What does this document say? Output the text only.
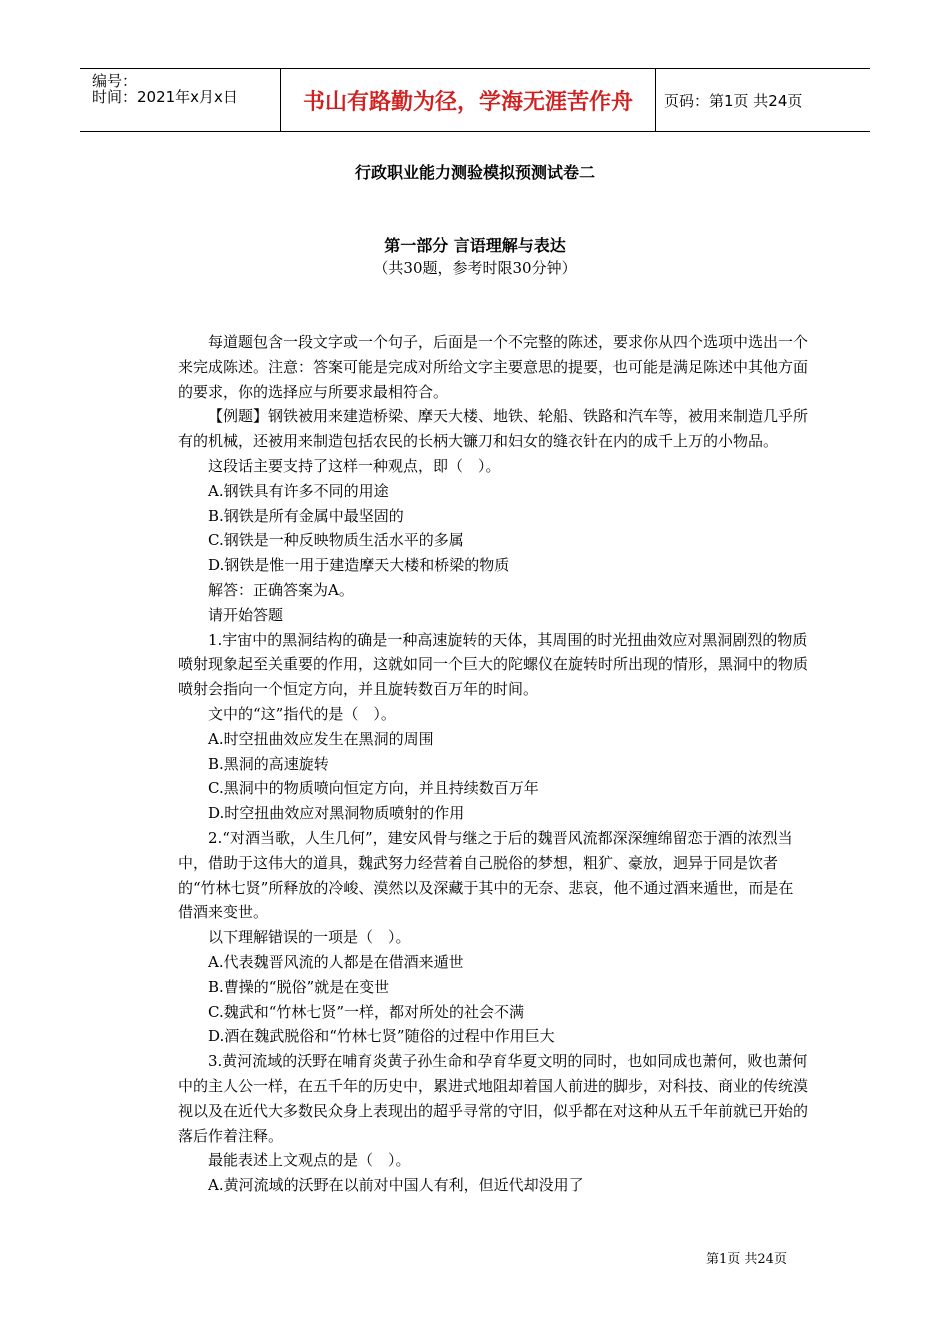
编号：
时间：2021年x月x日	书山有路勤为径，学海无涯苦作舟 页码：第1页 共24页
行政职业能力测验模拟预测试卷二
第一部分 言语理解与表达
（共30题，参考时限30分钟）

每道题包含一段文字或一个句子，后面是一个不完整的陈述，要求你从四个选项中选出一个来完成陈述。注意：答案可能是完成对所给文字主要意思的提要，也可能是满足陈述中其他方面的要求，你的选择应与所要求最相符合。

【例题】钢铁被用来建造桥梁、摩天大楼、地铁、轮船、铁路和汽车等，被用来制造几乎所有的机械，还被用来制造包括农民的长柄大镰刀和妇女的缝衣针在内的成千上万的小物品。

这段话主要支持了这样一种观点，即（　）。

A.钢铁具有许多不同的用途

B.钢铁是所有金属中最坚固的

C.钢铁是一种反映物质生活水平的多属

D.钢铁是惟一用于建造摩天大楼和桥梁的物质

解答：正确答案为A。

请开始答题

1.宇宙中的黑洞结构的确是一种高速旋转的天体，其周围的时光扭曲效应对黑洞剧烈的物质喷射现象起至关重要的作用，这就如同一个巨大的陀螺仪在旋转时所出现的情形，黑洞中的物质喷射会指向一个恒定方向，并且旋转数百万年的时间。

文中的“这”指代的是（　）。

A.时空扭曲效应发生在黑洞的周围

B.黑洞的高速旋转

C.黑洞中的物质喷向恒定方向，并且持续数百万年

D.时空扭曲效应对黑洞物质喷射的作用

2.“对酒当歌，人生几何”，建安风骨与继之于后的魏晋风流都深深缠绵留恋于酒的浓烈当中，借助于这伟大的道具，魏武努力经营着自己脱俗的梦想，粗犷、豪放，迥异于同是饮者的“竹林七贤”所释放的冷峻、漠然以及深藏于其中的无奈、悲哀，他不通过酒来遁世，而是在借酒来变世。

以下理解错误的一项是（　）。

A.代表魏晋风流的人都是在借酒来遁世

B.曹操的“脱俗”就是在变世

C.魏武和“竹林七贤”一样，都对所处的社会不满

D.酒在魏武脱俗和“竹林七贤”随俗的过程中作用巨大

3.黄河流域的沃野在哺育炎黄子孙生命和孕育华夏文明的同时，也如同成也萧何，败也萧何中的主人公一样，在五千年的历史中，累进式地阻却着国人前进的脚步，对科技、商业的传统漠视以及在近代大多数民众身上表现出的超乎寻常的守旧，似乎都在对这种从五千年前就已开始的落后作着注释。

最能表述上文观点的是（　）。

A.黄河流域的沃野在以前对中国人有利，但近代却没用了

第1页 共24页
